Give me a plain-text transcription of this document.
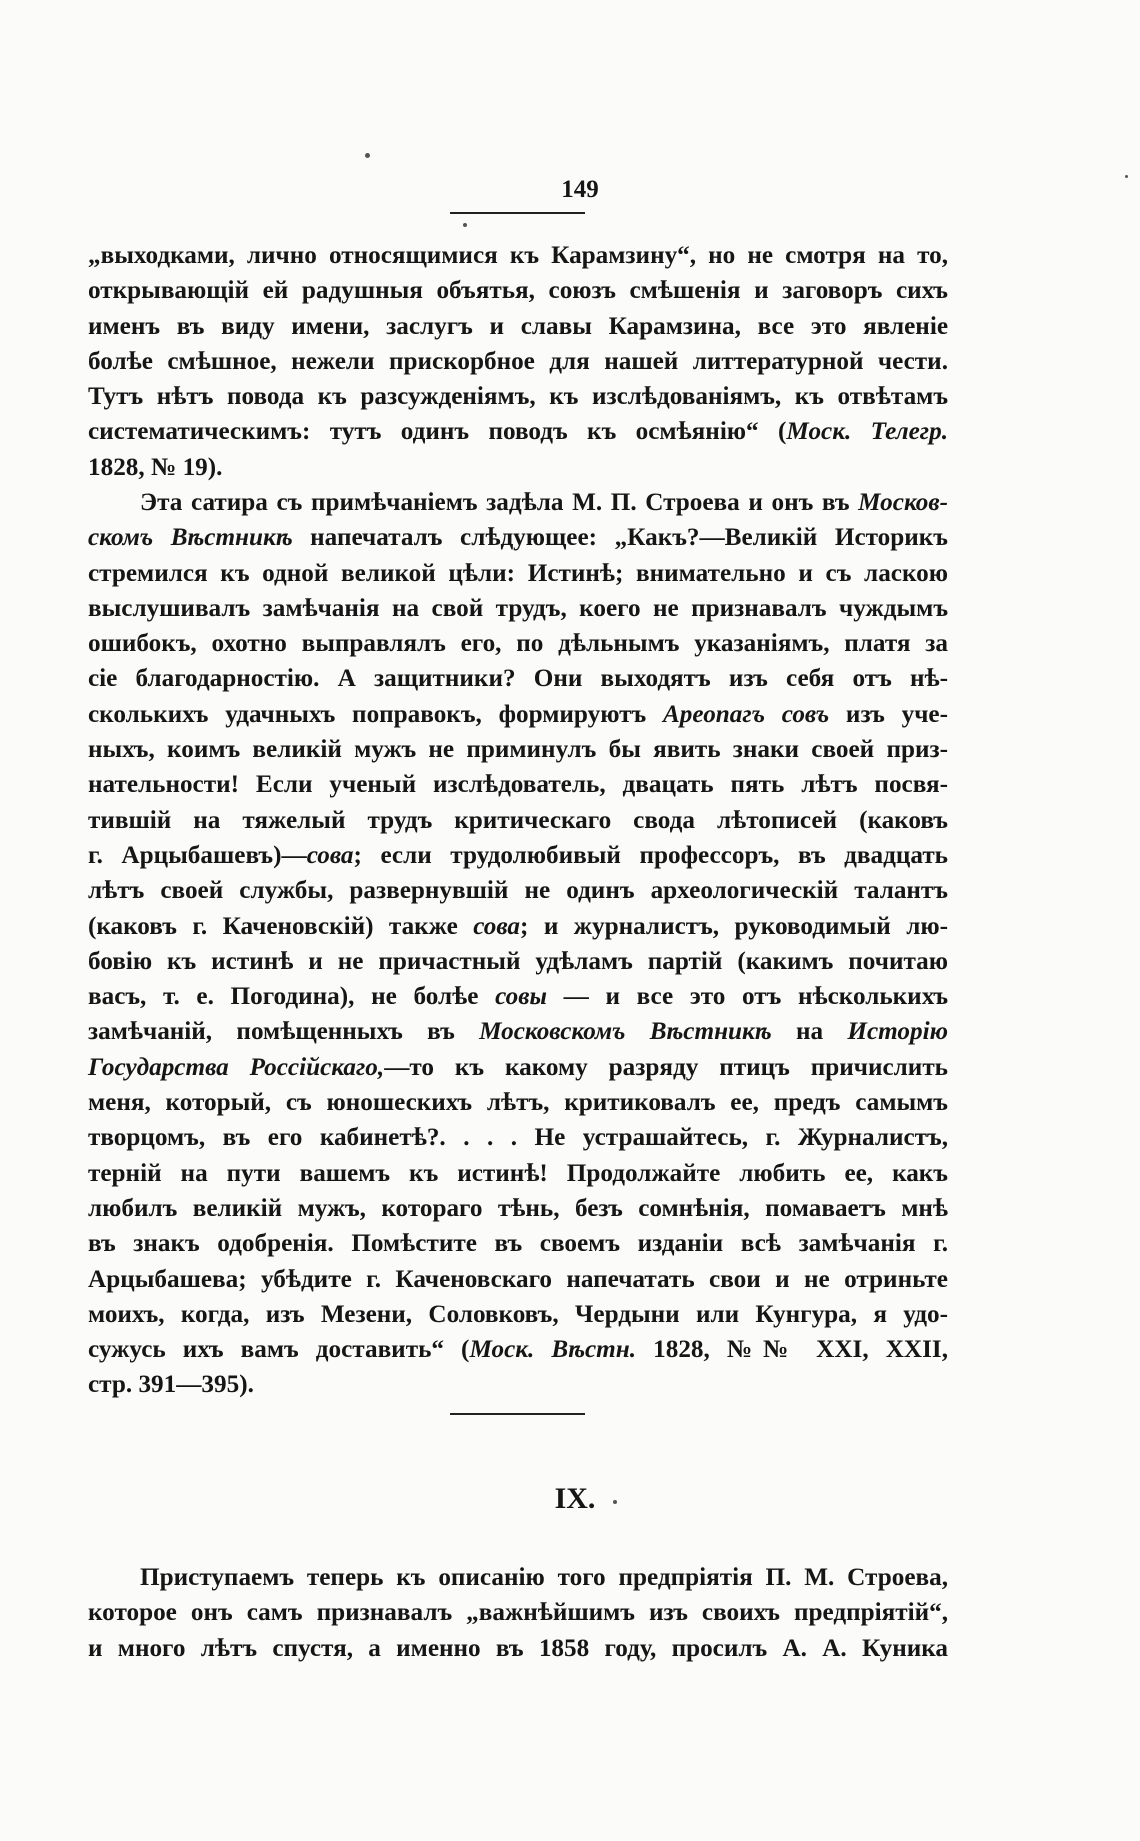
149
„выходками, лично относящимися къ Карамзину“, но не смотря на то,
открывающій ей радушныя объятья, союзъ смѣшенія и заговоръ сихъ
именъ въ виду имени, заслугъ и славы Карамзина, все это явленіе
болѣе смѣшное, нежели прискорбное для нашей литтературной чести.
Тутъ нѣтъ повода къ разсужденіямъ, къ изслѣдованіямъ, къ отвѣтамъ
систематическимъ: тутъ одинъ поводъ къ осмѣянію“ (Моск. Телегр.
1828, № 19).
Эта сатира съ примѣчаніемъ задѣла М. П. Строева и онъ въ Москов-
скомъ Вѣстникѣ напечаталъ слѣдующее: „Какъ?—Великій Историкъ
стремился къ одной великой цѣли: Истинѣ; внимательно и съ ласкою
выслушивалъ замѣчанія на свой трудъ, коего не признавалъ чуждымъ
ошибокъ, охотно выправлялъ его, по дѣльнымъ указаніямъ, платя за
сіе благодарностію. А защитники? Они выходятъ изъ себя отъ нѣ-
сколькихъ удачныхъ поправокъ, формируютъ Ареопагъ совъ изъ уче-
ныхъ, коимъ великій мужъ не приминулъ бы явить знаки своей приз-
нательности! Если ученый изслѣдователь, двацать пять лѣтъ посвя-
тившій на тяжелый трудъ критическаго свода лѣтописей (каковъ
г. Арцыбашевъ)—сова; если трудолюбивый профессоръ, въ двадцать
лѣтъ своей службы, развернувшій не одинъ археологическій талантъ
(каковъ г. Каченовскій) также сова; и журналистъ, руководимый лю-
бовію къ истинѣ и не причастный удѣламъ партій (какимъ почитаю
васъ, т. е. Погодина), не болѣе совы — и все это отъ нѣсколькихъ
замѣчаній, помѣщенныхъ въ Московскомъ Вѣстникѣ на Исторію
Государства Россійскаго,—то къ какому разряду птицъ причислить
меня, который, съ юношескихъ лѣтъ, критиковалъ ее, предъ самымъ
творцомъ, въ его кабинетѣ?. . . . Не устрашайтесь, г. Журналистъ,
терній на пути вашемъ къ истинѣ! Продолжайте любить ее, какъ
любилъ великій мужъ, котораго тѣнь, безъ сомнѣнія, помаваетъ мнѣ
въ знакъ одобренія. Помѣстите въ своемъ изданіи всѣ замѣчанія г.
Арцыбашева; убѣдите г. Каченовскаго напечатать свои и не отриньте
моихъ, когда, изъ Мезени, Соловковъ, Чердыни или Кунгура, я удо-
сужусь ихъ вамъ доставить“ (Моск. Вѣстн. 1828, №№ XXI, XXII,
стр. 391—395).
IX.
Приступаемъ теперь къ описанію того предпріятія П. М. Строева,
которое онъ самъ признавалъ „важнѣйшимъ изъ своихъ предпріятій“,
и много лѣтъ спустя, а именно въ 1858 году, просилъ А. А. Куника
